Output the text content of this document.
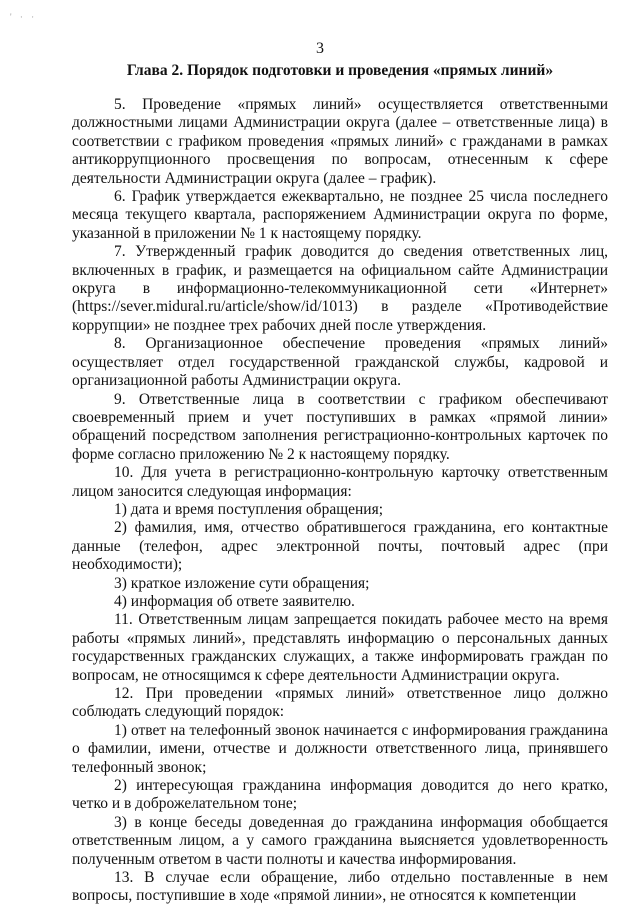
' · ·
3
Глава 2. Порядок подготовки и проведения «прямых линий»

5. Проведение «прямых линий» осуществляется ответственными должностными лицами Администрации округа (далее – ответственные лица) в соответствии с графиком проведения «прямых линий» с гражданами в рамках антикоррупционного просвещения по вопросам, отнесенным к сфере деятельности Администрации округа (далее – график).

6. График утверждается ежеквартально, не позднее 25 числа последнего месяца текущего квартала, распоряжением Администрации округа по форме, указанной в приложении № 1 к настоящему порядку.

7. Утвержденный график доводится до сведения ответственных лиц, включенных в график, и размещается на официальном сайте Администрации округа в информационно-телекоммуникационной сети «Интернет» (https://sever.midural.ru/article/show/id/1013) в разделе «Противодействие коррупции» не позднее трех рабочих дней после утверждения.

8. Организационное обеспечение проведения «прямых линий» осуществляет отдел государственной гражданской службы, кадровой и организационной работы Администрации округа.

9. Ответственные лица в соответствии с графиком обеспечивают своевременный прием и учет поступивших в рамках «прямой линии» обращений посредством заполнения регистрационно-контрольных карточек по форме согласно приложению № 2 к настоящему порядку.

10. Для учета в регистрационно-контрольную карточку ответственным лицом заносится следующая информация:

1) дата и время поступления обращения;

2) фамилия, имя, отчество обратившегося гражданина, его контактные данные (телефон, адрес электронной почты, почтовый адрес (при необходимости);

3) краткое изложение сути обращения;

4) информация об ответе заявителю.

11. Ответственным лицам запрещается покидать рабочее место на время работы «прямых линий», представлять информацию о персональных данных государственных гражданских служащих, а также информировать граждан по вопросам, не относящимся к сфере деятельности Администрации округа.

12. При проведении «прямых линий» ответственное лицо должно соблюдать следующий порядок:

1) ответ на телефонный звонок начинается с информирования гражданина о фамилии, имени, отчестве и должности ответственного лица, принявшего телефонный звонок;

2) интересующая гражданина информация доводится до него кратко, четко и в доброжелательном тоне;

3) в конце беседы доведенная до гражданина информация обобщается ответственным лицом, а у самого гражданина выясняется удовлетворенность полученным ответом в части полноты и качества информирования.

13. В случае если обращение, либо отдельно поставленные в нем вопросы, поступившие в ходе «прямой линии», не относятся к компетенции
